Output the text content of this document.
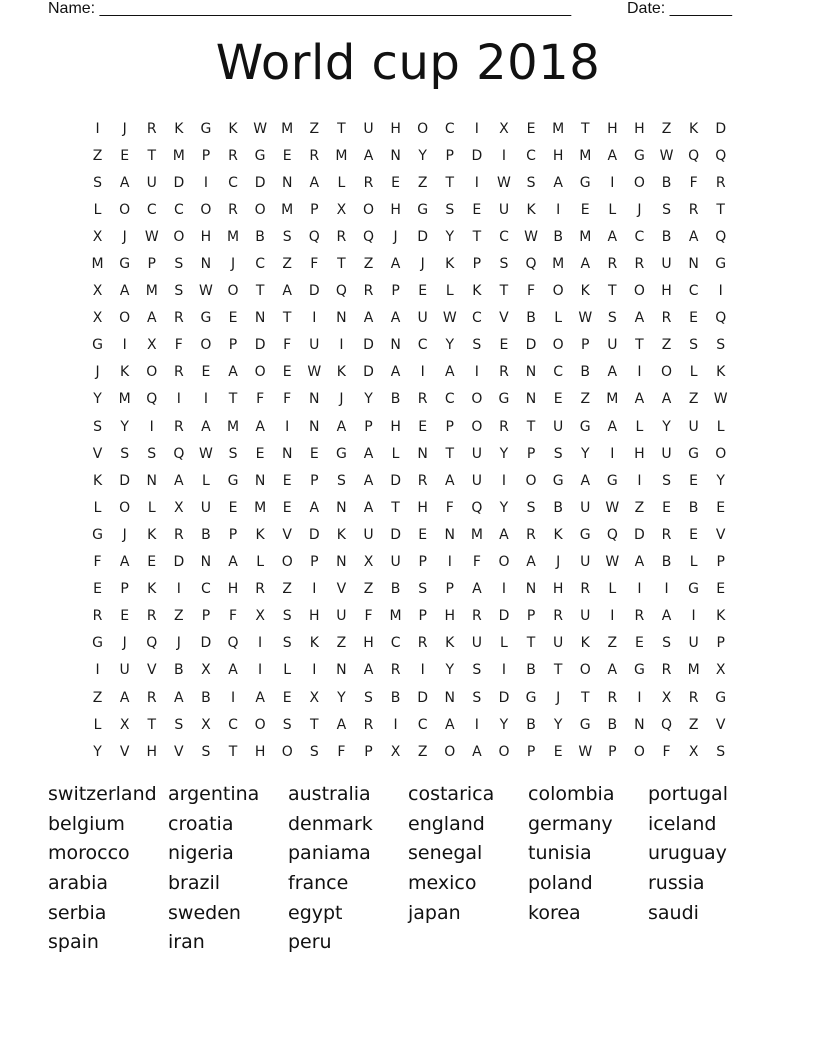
Name: _____________________________________________________	Date: _______
World cup 2018
I	J	R	K	G	K	W	M	Z	T	U	H	O	C	I	X	E	M	T	H	H	Z	K	D
Z	E	T	M	P	R	G	E	R	M	A	N	Y	P	D	I	C	H	M	A	G	W	Q	Q
S	A	U	D	I	C	D	N	A	L	R	E	Z	T	I	W	S	A	G	I	O	B	F	R
L	O	C	C	O	R	O	M	P	X	O	H	G	S	E	U	K	I	E	L	J	S	R	T
X	J	W	O	H	M	B	S	Q	R	Q	J	D	Y	T	C	W	B	M	A	C	B	A	Q
M	G	P	S	N	J	C	Z	F	T	Z	A	J	K	P	S	Q	M	A	R	R	U	N	G
X	A	M	S	W	O	T	A	D	Q	R	P	E	L	K	T	F	O	K	T	O	H	C	I
X	O	A	R	G	E	N	T	I	N	A	A	U	W	C	V	B	L	W	S	A	R	E	Q
G	I	X	F	O	P	D	F	U	I	D	N	C	Y	S	E	D	O	P	U	T	Z	S	S
J	K	O	R	E	A	O	E	W	K	D	A	I	A	I	R	N	C	B	A	I	O	L	K
Y	M	Q	I	I	T	F	F	N	J	Y	B	R	C	O	G	N	E	Z	M	A	A	Z	W
S	Y	I	R	A	M	A	I	N	A	P	H	E	P	O	R	T	U	G	A	L	Y	U	L
V	S	S	Q	W	S	E	N	E	G	A	L	N	T	U	Y	P	S	Y	I	H	U	G	O
K	D	N	A	L	G	N	E	P	S	A	D	R	A	U	I	O	G	A	G	I	S	E	Y
L	O	L	X	U	E	M	E	A	N	A	T	H	F	Q	Y	S	B	U	W	Z	E	B	E
G	J	K	R	B	P	K	V	D	K	U	D	E	N	M	A	R	K	G	Q	D	R	E	V
F	A	E	D	N	A	L	O	P	N	X	U	P	I	F	O	A	J	U	W	A	B	L	P
E	P	K	I	C	H	R	Z	I	V	Z	B	S	P	A	I	N	H	R	L	I	I	G	E
R	E	R	Z	P	F	X	S	H	U	F	M	P	H	R	D	P	R	U	I	R	A	I	K
G	J	Q	J	D	Q	I	S	K	Z	H	C	R	K	U	L	T	U	K	Z	E	S	U	P
I	U	V	B	X	A	I	L	I	N	A	R	I	Y	S	I	B	T	O	A	G	R	M	X
Z	A	R	A	B	I	A	E	X	Y	S	B	D	N	S	D	G	J	T	R	I	X	R	G
L	X	T	S	X	C	O	S	T	A	R	I	C	A	I	Y	B	Y	G	B	N	Q	Z	V
Y	V	H	V	S	T	H	O	S	F	P	X	Z	O	A	O	P	E	W	P	O	F	X	S
switzerland argentina	australia	costarica	colombia	portugal
belgium	croatia	denmark	england	germany	iceland
morocco	nigeria	paniama	senegal	tunisia	uruguay
arabia	brazil	france	mexico	poland	russia
serbia	sweden	egypt	japan	korea	saudi
spain	iran	peru
